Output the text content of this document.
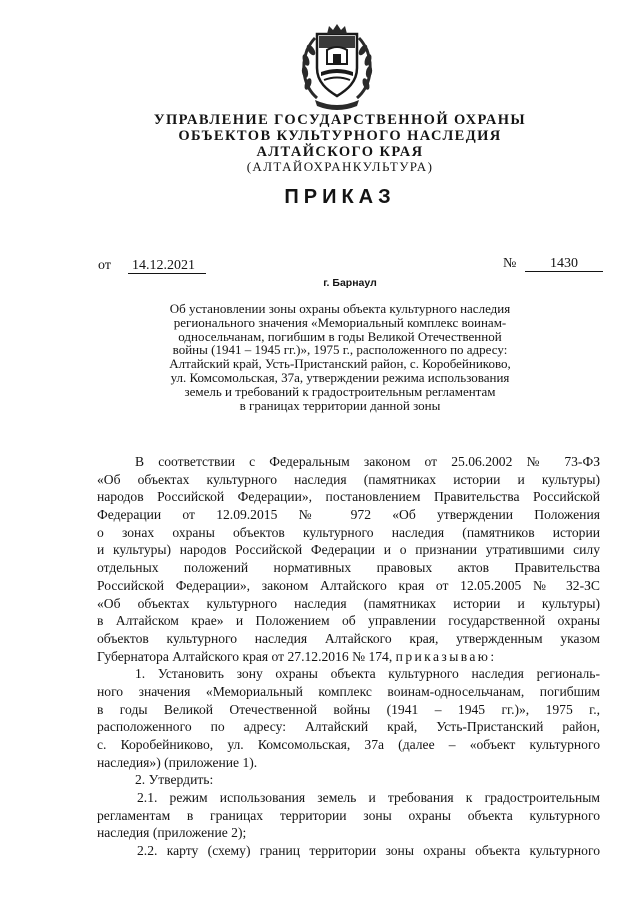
УПРАВЛЕНИЕ ГОСУДАРСТВЕННОЙ ОХРАНЫ
ОБЪЕКТОВ КУЛЬТУРНОГО НАСЛЕДИЯ
АЛТАЙСКОГО КРАЯ
(АЛТАЙОХРАНКУЛЬТУРА)
ПРИКАЗ
от 14.12.2021	№ 1430
г. Барнаул
Об установлении зоны охраны объекта культурного наследия
регионального значения «Мемориальный комплекс воинам-
односельчанам, погибшим в годы Великой Отечественной
войны (1941 – 1945 гг.)», 1975 г., расположенного по адресу:
Алтайский край, Усть-Пристанский район, с. Коробейниково,
ул. Комсомольская, 37а, утверждении режима использования
земель и требований к градостроительным регламентам
в границах территории данной зоны
В соответствии с Федеральным законом от 25.06.2002 № 73-ФЗ
«Об объектах культурного наследия (памятниках истории и культуры)
народов Российской Федерации», постановлением Правительства Российской
Федерации от 12.09.2015 № 972 «Об утверждении Положения
о зонах охраны объектов культурного наследия (памятников истории
и культуры) народов Российской Федерации и о признании утратившими силу
отдельных положений нормативных правовых актов Правительства
Российской Федерации», законом Алтайского края от 12.05.2005 № 32-ЗС
«Об объектах культурного наследия (памятниках истории и культуры)
в Алтайском крае» и Положением об управлении государственной охраны
объектов культурного наследия Алтайского края, утвержденным указом
Губернатора Алтайского края от 27.12.2016 № 174, приказываю:
1. Установить зону охраны объекта культурного наследия региональ-
ного значения «Мемориальный комплекс воинам-односельчанам, погибшим
в годы Великой Отечественной войны (1941 – 1945 гг.)», 1975 г.,
расположенного по адресу: Алтайский край, Усть-Пристанский район,
с. Коробейниково, ул. Комсомольская, 37а (далее – «объект культурного
наследия») (приложение 1).
2. Утвердить:
2.1. режим использования земель и требования к градостроительным
регламентам в границах территории зоны охраны объекта культурного
наследия (приложение 2);
2.2. карту (схему) границ территории зоны охраны объекта культурного
